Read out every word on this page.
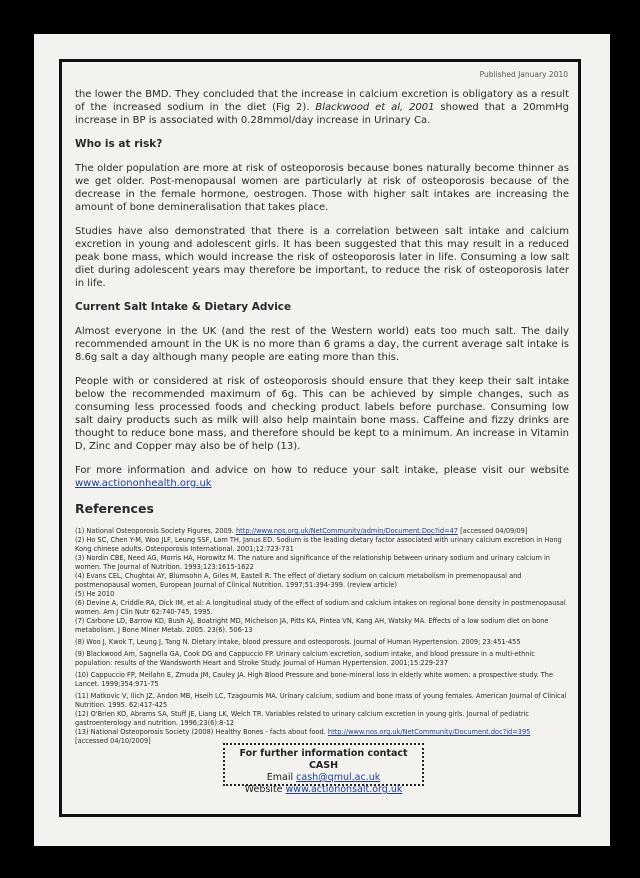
Published January 2010

the lower the BMD. They concluded that the increase in calcium excretion is obligatory as a result of the increased sodium in the diet (Fig 2). Blackwood et al, 2001 showed that a 20mmHg increase in BP is associated with 0.28mmol/day increase in Urinary Ca.

Who is at risk?

The older population are more at risk of osteoporosis because bones naturally become thinner as we get older. Post-menopausal women are particularly at risk of osteoporosis because of the decrease in the female hormone, oestrogen. Those with higher salt intakes are increasing the amount of bone demineralisation that takes place.

Studies have also demonstrated that there is a correlation between salt intake and calcium excretion in young and adolescent girls. It has been suggested that this may result in a reduced peak bone mass, which would increase the risk of osteoporosis later in life. Consuming a low salt diet during adolescent years may therefore be important, to reduce the risk of osteoporosis later in life.

Current Salt Intake & Dietary Advice

Almost everyone in the UK (and the rest of the Western world) eats too much salt. The daily recommended amount in the UK is no more than 6 grams a day, the current average salt intake is 8.6g salt a day although many people are eating more than this.

People with or considered at risk of osteoporosis should ensure that they keep their salt intake below the recommended maximum of 6g. This can be achieved by simple changes, such as consuming less processed foods and checking product labels before purchase. Consuming low salt dairy products such as milk will also help maintain bone mass. Caffeine and fizzy drinks are thought to reduce bone mass, and therefore should be kept to a minimum. An increase in Vitamin D, Zinc and Copper may also be of help (13).

For more information and advice on how to reduce your salt intake, please visit our website www.actiononhealth.org.uk

References

(1) National Osteoporosis Society Figures, 2009. http://www.nos.org.uk/NetCommunity/admin/Document.Doc?id=47 [accessed 04/09/09]

(2) Ho SC, Chen Y-M, Woo JLF, Leung SSF, Lam TH, Janus ED. Sodium is the leading dietary factor associated with urinary calcium excretion in Hong Kong chinese adults. Osteoporosis International. 2001;12:723-731

(3) Nordin CBE, Need AG, Morris HA, Horowitz M. The nature and significance of the relationship between urinary sodium and urinary calcium in women. The Journal of Nutrition. 1993;123:1615-1622

(4) Evans CEL, Chughtai AY, Blumsohn A, Giles M, Eastell R. The effect of dietary sodium on calcium metabolism in premenopausal and postmenopausal women, European Journal of Clinical Nutrition. 1997;51:394-399. (review article)

(5) He 2010

(6) Devine A, Criddle RA, Dick IM, et al: A longitudinal study of the effect of sodium and calcium intakes on regional bone density in postmenopausal women. Am J Clin Nutr 62:740-745, 1995.

(7) Carbone LD, Barrow KD, Bush AJ, Boatright MD, Michelson JA, Pitts KA, Pintea VN, Kang AH, Watsky MA. Effects of a low sodium diet on bone metabolism. J Bone Miner Metab. 2005. 23(6). 506-13

(8) Woo J, Kwok T, Leung J, Tang N. Dietary intake, blood pressure and osteoporosis. Journal of Human Hypertension. 2009; 23:451-455

(9) Blackwood Am, Sagnella GA, Cook DG and Cappuccio FP. Urinary calcium excretion, sodium intake, and blood pressure in a multi-ethnic population: results of the Wandsworth Heart and Stroke Study. Journal of Human Hypertension. 2001;15:229-237

(10) Cappuccio FP, Meilahn E, Zmuda JM, Cauley JA. High Blood Pressure and bone-mineral loss in elderly white women: a prospective study. The Lancet. 1999;354:971-75

(11) Matkovic V, Ilich JZ, Andon MB, Hseih LC, Tzagournis MA. Urinary calcium, sodium and bone mass of young females. American Journal of Clinical Nutrition. 1995. 62:417-425

(12) O'Brien KO, Abrams SA, Stuff JE, Liang LK, Welch TR. Variables related to urinary calcium excretion in young girls. Journal of pediatric gastroenterology and nutrition. 1996;23(6):8-12

(13) National Osteoporosis Society (2008) Healthy Bones - facts about food. http://www.nos.org.uk/NetCommunity/Document.doc?id=395
[accessed 04/10/2009]

For further information contact CASH
Email cash@qmul.ac.uk
Website www.actiononsalt.org.uk
